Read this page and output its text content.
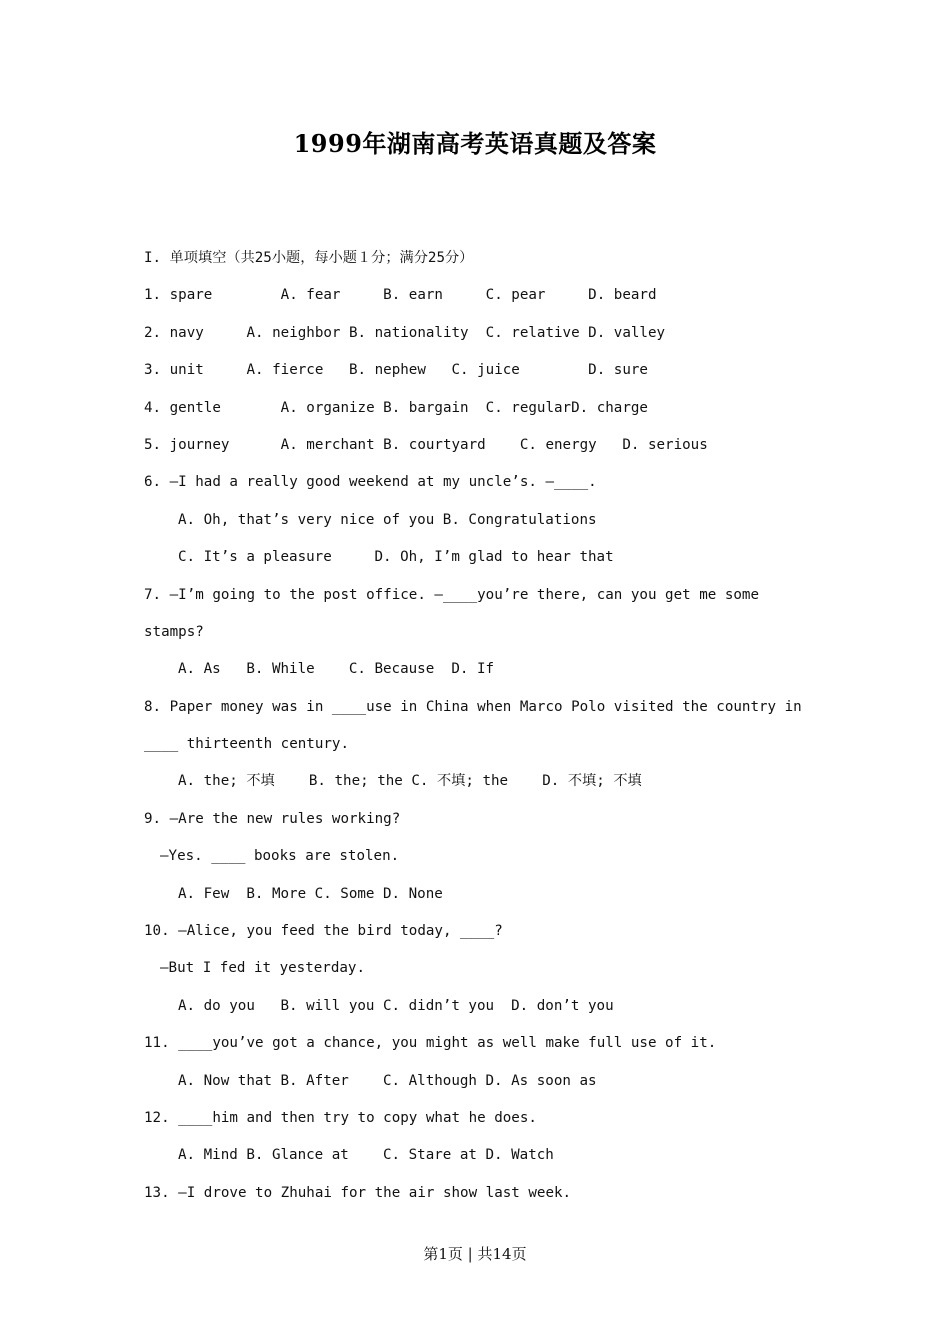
1999年湖南高考英语真题及答案
I. 单项填空（共25小题，每小题１分；满分25分）
1. spare        A. fear     B. earn     C. pear     D. beard
2. navy     A. neighbor B. nationality  C. relative D. valley
3. unit     A. fierce   B. nephew   C. juice        D. sure
4. gentle       A. organize B. bargain  C. regularD. charge
5. journey      A. merchant B. courtyard    C. energy   D. serious
6. —I had a really good weekend at my uncle’s. —____.
A. Oh, that’s very nice of you B. Congratulations
C. It’s a pleasure     D. Oh, I’m glad to hear that
7. —I’m going to the post office. —____you’re there, can you get me some
stamps?
A. As   B. While    C. Because  D. If
8. Paper money was in ____use in China when Marco Polo visited the country in
____ thirteenth century.
A. the; 不填    B. the; the C. 不填; the    D. 不填; 不填
9. —Are the new rules working?
—Yes. ____ books are stolen.
A. Few  B. More C. Some D. None
10. —Alice, you feed the bird today, ____?
—But I fed it yesterday.
A. do you   B. will you C. didn’t you  D. don’t you
11. ____you’ve got a chance, you might as well make full use of it.
A. Now that B. After    C. Although D. As soon as
12. ____him and then try to copy what he does.
A. Mind B. Glance at    C. Stare at D. Watch
13. —I drove to Zhuhai for the air show last week.
第1页 | 共14页
